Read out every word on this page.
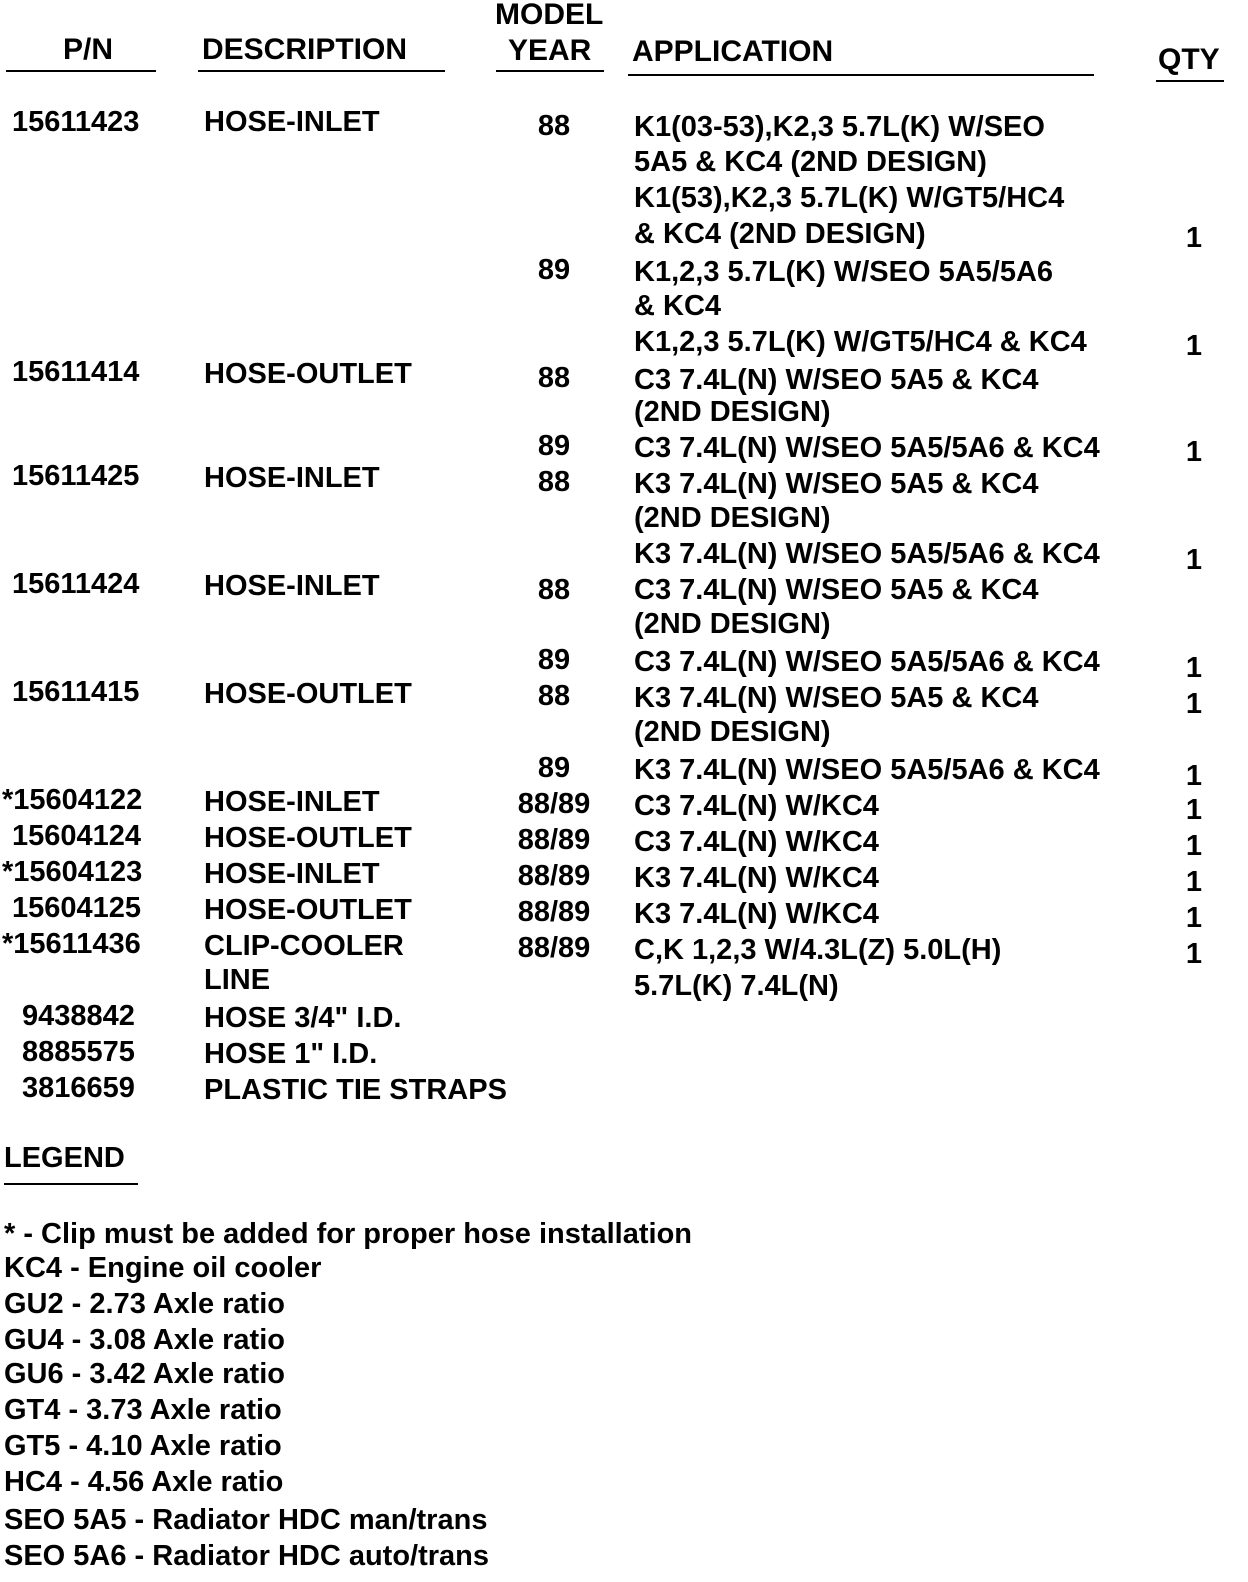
P/N	DESCRIPTION
MODEL
YEAR APPLICATION	QTY
15611423 HOSE-INLET	88	K1(03-53),K2,3 5.7L(K) W/SEO
5A5 & KC4 (2ND DESIGN)
K1(53),K2,3 5.7L(K) W/GT5/HC4
& KC4 (2ND DESIGN)	1
89	K1,2,3 5.7L(K) W/SEO 5A5/5A6
& KC4
K1,2,3 5.7L(K) W/GT5/HC4 & KC4	1
15611414 HOSE-OUTLET	88	C3 7.4L(N) W/SEO 5A5 & KC4
(2ND DESIGN)
89	C3 7.4L(N) W/SEO 5A5/5A6 & KC4	1
15611425 HOSE-INLET	88	K3 7.4L(N) W/SEO 5A5 & KC4
(2ND DESIGN)
K3 7.4L(N) W/SEO 5A5/5A6 & KC4	1
15611424 HOSE-INLET	88	C3 7.4L(N) W/SEO 5A5 & KC4
(2ND DESIGN)
89	C3 7.4L(N) W/SEO 5A5/5A6 & KC4	1
15611415 HOSE-OUTLET	88	K3 7.4L(N) W/SEO 5A5 & KC4	1
(2ND DESIGN)
89	K3 7.4L(N) W/SEO 5A5/5A6 & KC4	1
*15604122 HOSE-INLET	88/89	C3 7.4L(N) W/KC4	1
15604124 HOSE-OUTLET	88/89	C3 7.4L(N) W/KC4	1
*15604123 HOSE-INLET	88/89	K3 7.4L(N) W/KC4	1
15604125 HOSE-OUTLET	88/89	K3 7.4L(N) W/KC4	1
*15611436 CLIP-COOLER
LINE
88/89	C,K 1,2,3 W/4.3L(Z) 5.0L(H)
5.7L(K) 7.4L(N)
1
9438842 HOSE 3/4" I.D.
8885575 HOSE 1" I.D.
3816659 PLASTIC TIE STRAPS
LEGEND
* - Clip must be added for proper hose installation
KC4 - Engine oil cooler
GU2 - 2.73 Axle ratio
GU4 - 3.08 Axle ratio
GU6 - 3.42 Axle ratio
GT4 - 3.73 Axle ratio
GT5 - 4.10 Axle ratio
HC4 - 4.56 Axle ratio
SEO 5A5 - Radiator HDC man/trans
SEO 5A6 - Radiator HDC auto/trans
